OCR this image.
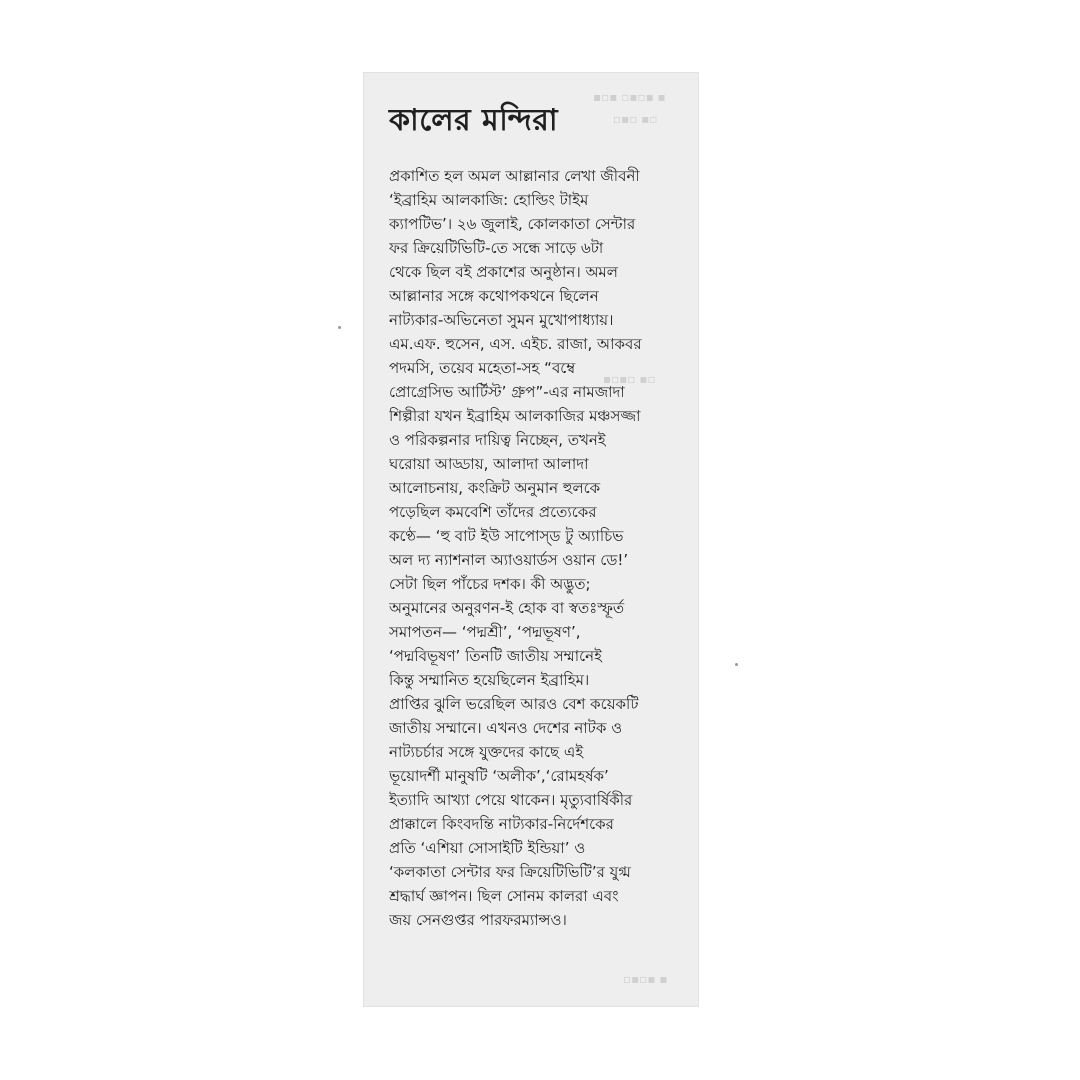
▪▫▪ ▫▪▫▪ ▪
▫▪▫ ▪▫
▪▫▪▫ ▪▫
▫▪▫▪ ▪
কালের মন্দিরা
প্রকাশিত হল অমল আল্লানার লেখা জীবনী
‘ইব্রাহিম আলকাজি: হোল্ডিং টাইম
ক্যাপটিভ’। ২৬ জুলাই, কোলকাতা সেন্টার
ফর ক্রিয়েটিভিটি-তে সন্ধে সাড়ে ৬টা
থেকে ছিল বই প্রকাশের অনুষ্ঠান। অমল
আল্লানার সঙ্গে কথোপকথনে ছিলেন
নাট্যকার-অভিনেতা সুমন মুখোপাধ্যায়।
এম.এফ. হুসেন, এস. এইচ. রাজা, আকবর
পদমসি, তয়েব মহেতা-সহ “বম্বে
প্রোগ্রেসিভ আর্টিস্ট’ গ্রুপ”-এর নামজাদা
শিল্পীরা যখন ইব্রাহিম আলকাজির মঞ্চসজ্জা
ও পরিকল্পনার দায়িত্ব নিচ্ছেন, তখনই
ঘরোয়া আড্ডায়, আলাদা আলাদা
আলোচনায়, কংক্রিট অনুমান হুলকে
পড়েছিল কমবেশি তাঁদের প্রত্যেকের
কণ্ঠে— ‘হু বাট ইউ সাপোস্‌ড টু অ্যাচিভ
অল দ্য ন্যাশনাল অ্যাওয়ার্ডস ওয়ান ডে!’
সেটা ছিল পাঁচের দশক। কী অদ্ভুত;
অনুমানের অনুরণন-ই হোক বা স্বতঃস্ফূর্ত
সমাপতন— ‘পদ্মশ্রী’, ‘পদ্মভূষণ’,
‘পদ্মবিভূষণ’ তিনটি জাতীয় সম্মানেই
কিন্তু সম্মানিত হয়েছিলেন ইব্রাহিম।
প্রাপ্তির ঝুলি ভরেছিল আরও বেশ কয়েকটি
জাতীয় সম্মানে। এখনও দেশের নাটক ও
নাট্যচর্চার সঙ্গে যুক্তদের কাছে এই
ভূয়োদর্শী মানুষটি ‘অলীক’,‘রোমহর্ষক’
ইত্যাদি আখ্যা পেয়ে থাকেন। মৃত্যুবার্ষিকীর
প্রাক্কালে কিংবদন্তি নাট্যকার-নির্দেশকের
প্রতি ‘এশিয়া সোসাইটি ইন্ডিয়া’ ও
‘কলকাতা সেন্টার ফর ক্রিয়েটিভিটি’র যুগ্ম
শ্রদ্ধার্ঘ জ্ঞাপন। ছিল সোনম কালরা এবং
জয় সেনগুপ্তর পারফরম্যান্সও।
